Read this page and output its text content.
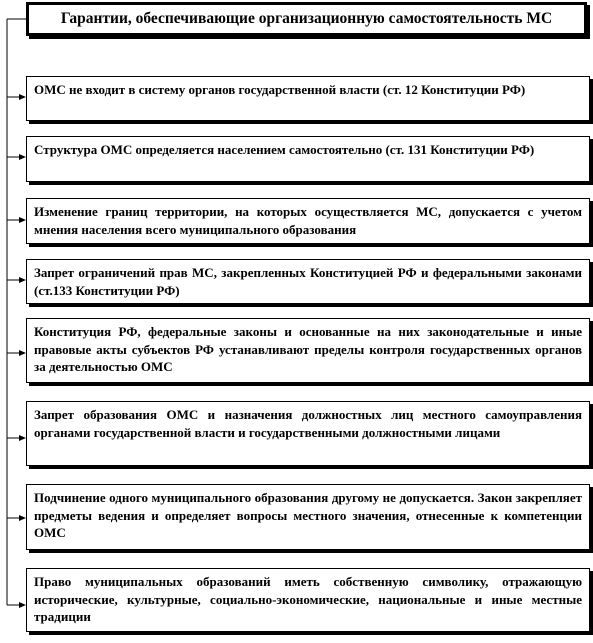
Гарантии, обеспечивающие организационную самостоятельность МС
ОМС не входит в систему органов государственной власти (ст. 12 Конституции РФ)
Структура ОМС определяется населением самостоятельно (ст. 131 Конституции РФ)
Изменение границ территории, на которых осуществляется МС, допускается с учетом мнения населения всего муниципального образования
Запрет ограничений прав МС, закрепленных Конституцией РФ и федеральными законами (ст.133 Конституции РФ)
Конституция РФ, федеральные законы и основанные на них законодательные и иные правовые акты субъектов РФ устанавливают пределы контроля государственных органов за деятельностью ОМС
Запрет образования ОМС и назначения должностных лиц местного самоуправления органами государственной власти и государственными должностными лицами
Подчинение одного муниципального образования другому не допускается. Закон закрепляет предметы ведения и определяет вопросы местного значения, отнесенные к компетенции ОМС
Право муниципальных образований иметь собственную символику, отражающую исторические, культурные, социально-экономические, национальные и иные местные традиции
